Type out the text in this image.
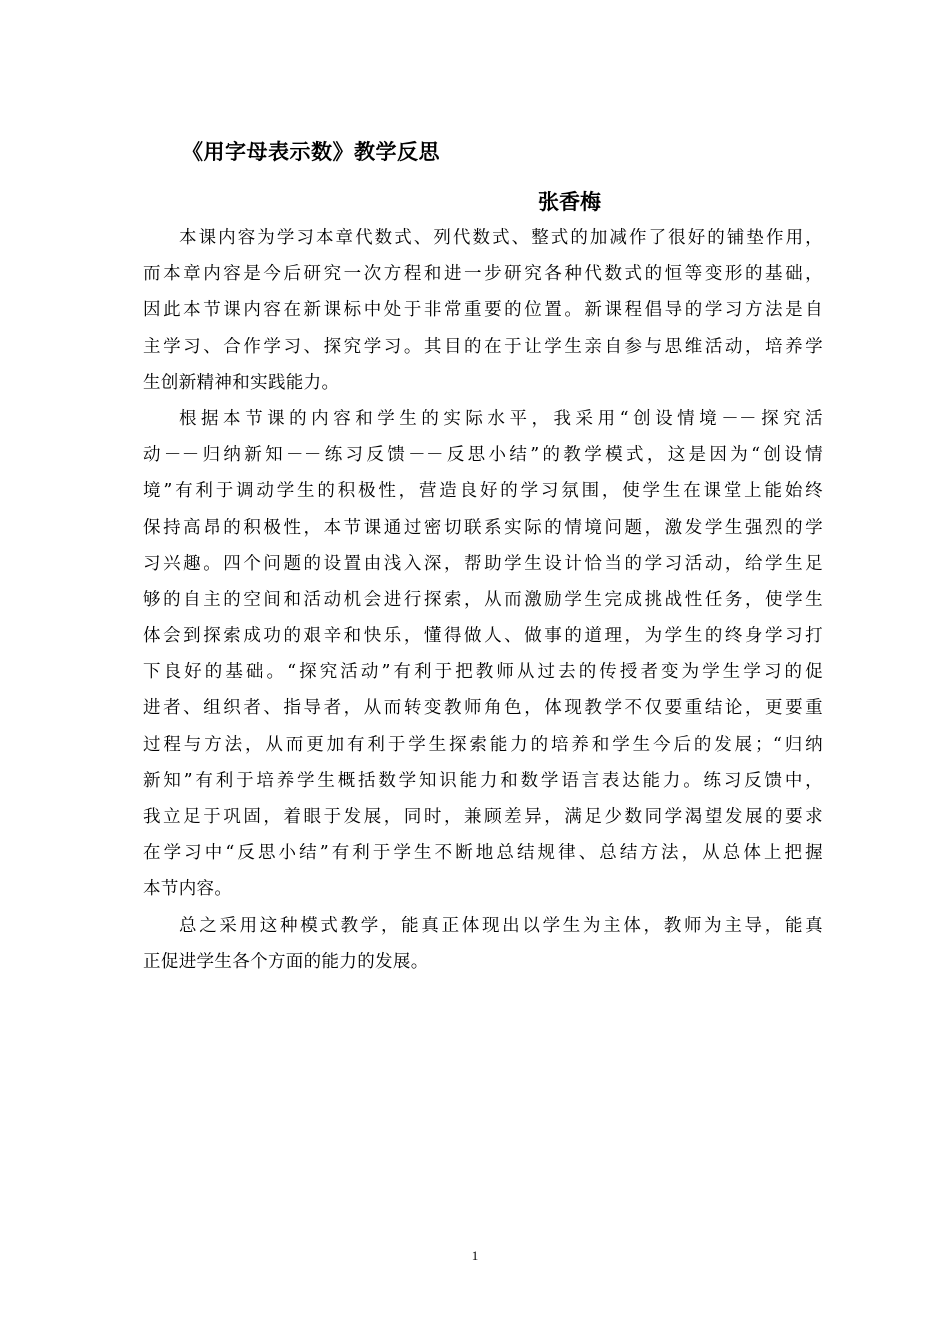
《用字母表示数》教学反思
张香梅

本课内容为学习本章代数式、列代数式、整式的加减作了很好的铺垫作用，
而本章内容是今后研究一次方程和进一步研究各种代数式的恒等变形的基础，
因此本节课内容在新课标中处于非常重要的位置。新课程倡导的学习方法是自
主学习、合作学习、探究学习。其目的在于让学生亲自参与思维活动，培养学
生创新精神和实践能力。

根据本节课的内容和学生的实际水平，我采用“创设情境－－探究活
动－－归纳新知－－练习反馈－－反思小结”的教学模式，这是因为“创设情
境”有利于调动学生的积极性，营造良好的学习氛围，使学生在课堂上能始终
保持高昂的积极性，本节课通过密切联系实际的情境问题，激发学生强烈的学
习兴趣。四个问题的设置由浅入深，帮助学生设计恰当的学习活动，给学生足
够的自主的空间和活动机会进行探索，从而激励学生完成挑战性任务，使学生
体会到探索成功的艰辛和快乐，懂得做人、做事的道理，为学生的终身学习打
下良好的基础。“探究活动”有利于把教师从过去的传授者变为学生学习的促
进者、组织者、指导者，从而转变教师角色，体现教学不仅要重结论，更要重
过程与方法，从而更加有利于学生探索能力的培养和学生今后的发展；“归纳
新知”有利于培养学生概括数学知识能力和数学语言表达能力。练习反馈中，
我立足于巩固，着眼于发展，同时，兼顾差异，满足少数同学渴望发展的要求
在学习中“反思小结”有利于学生不断地总结规律、总结方法，从总体上把握
本节内容。

总之采用这种模式教学，能真正体现出以学生为主体，教师为主导，能真
正促进学生各个方面的能力的发展。

1
